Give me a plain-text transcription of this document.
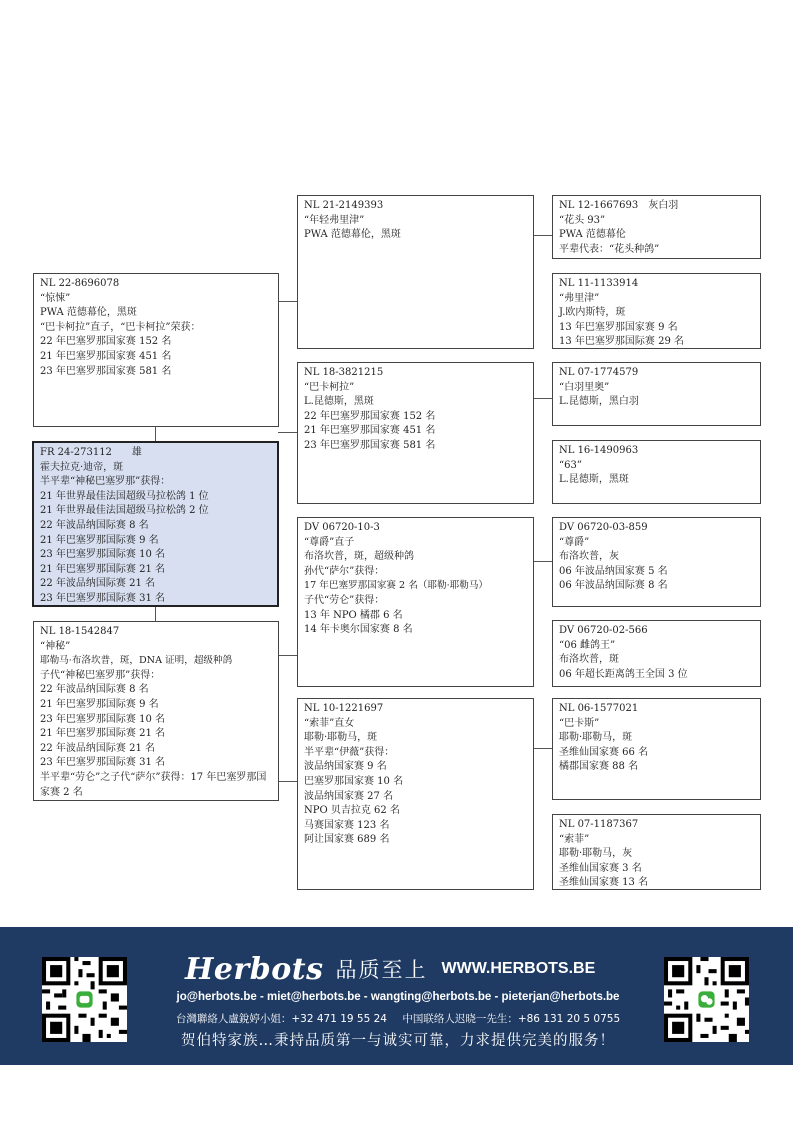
NL 22-8696078
“惊悚”
PWA 范德幕伦，黑斑
“巴卡柯拉”直子，“巴卡柯拉”荣获：
22 年巴塞罗那国家赛 152 名
21 年巴塞罗那国家赛 451 名
23 年巴塞罗那国家赛 581 名
FR 24-273112　　雄
霍夫拉克·迪帝，斑
半平辈“神秘巴塞罗那”获得：
21 年世界最佳法国超级马拉松鸽 1 位
21 年世界最佳法国超级马拉松鸽 2 位
22 年波品纳国际赛 8 名
21 年巴塞罗那国际赛 9 名
23 年巴塞罗那国际赛 10 名
21 年巴塞罗那国际赛 21 名
22 年波品纳国际赛 21 名
23 年巴塞罗那国际赛 31 名
NL 18-1542847
“神秘”
耶勒马·布洛坎普，斑，DNA 证明，超级种鸽
子代“神秘巴塞罗那”获得：
22 年波品纳国际赛 8 名
21 年巴塞罗那国际赛 9 名
23 年巴塞罗那国际赛 10 名
21 年巴塞罗那国际赛 21 名
22 年波品纳国际赛 21 名
23 年巴塞罗那国际赛 31 名
半平辈“劳仑”之子代“萨尔”获得：17 年巴塞罗那国家赛 2 名
NL 21-2149393
“年轻弗里津”
PWA 范德幕伦，黑斑
NL 18-3821215
“巴卡柯拉”
L.昆德斯，黑斑
22 年巴塞罗那国家赛 152 名
21 年巴塞罗那国家赛 451 名
23 年巴塞罗那国家赛 581 名
DV 06720-10-3
“尊爵”直子
布洛坎普，斑，超级种鸽
孙代“萨尔”获得：
17 年巴塞罗那国家赛 2 名（耶勒·耶勒马）
子代“劳仑”获得：
13 年 NPO 橘郡 6 名
14 年卡奥尔国家赛 8 名
NL 10-1221697
“索菲”直女
耶勒·耶勒马，斑
半平辈“伊薇”获得：
波品纳国家赛 9 名
巴塞罗那国家赛 10 名
波品纳国家赛 27 名
NPO 贝吉拉克 62 名
马赛国家赛 123 名
阿让国家赛 689 名
NL 12-1667693　灰白羽
“花头 93”
PWA 范德幕伦
平辈代表：“花头种鸽”
NL 11-1133914
“弗里津”
J.欧内斯特，斑
13 年巴塞罗那国家赛 9 名
13 年巴塞罗那国际赛 29 名
NL 07-1774579
“白羽里奥”
L.昆德斯，黑白羽
NL 16-1490963
“63”
L.昆德斯，黑斑
DV 06720-03-859
“尊爵”
布洛坎普，灰
06 年波品纳国家赛 5 名
06 年波品纳国际赛 8 名
DV 06720-02-566
“06 雌鸽王”
布洛坎普，斑
06 年超长距离鸽王全国 3 位
NL 06-1577021
“巴卡斯”
耶勒·耶勒马，斑
圣维仙国家赛 66 名
橘郡国家赛 88 名
NL 07-1187367
“索菲”
耶勒·耶勒马，灰
圣维仙国家赛 3 名
圣维仙国家赛 13 名
Herbots 品质至上 WWW.HERBOTS.BE
jo@herbots.be - miet@herbots.be - wangting@herbots.be - pieterjan@herbots.be
台灣聯絡人盧銳婷小姐：+32 471 19 55 24 中国联络人迟晓一先生：+86 131 20 5 0755
贺伯特家族…秉持品质第一与诚实可靠，力求提供完美的服务！
